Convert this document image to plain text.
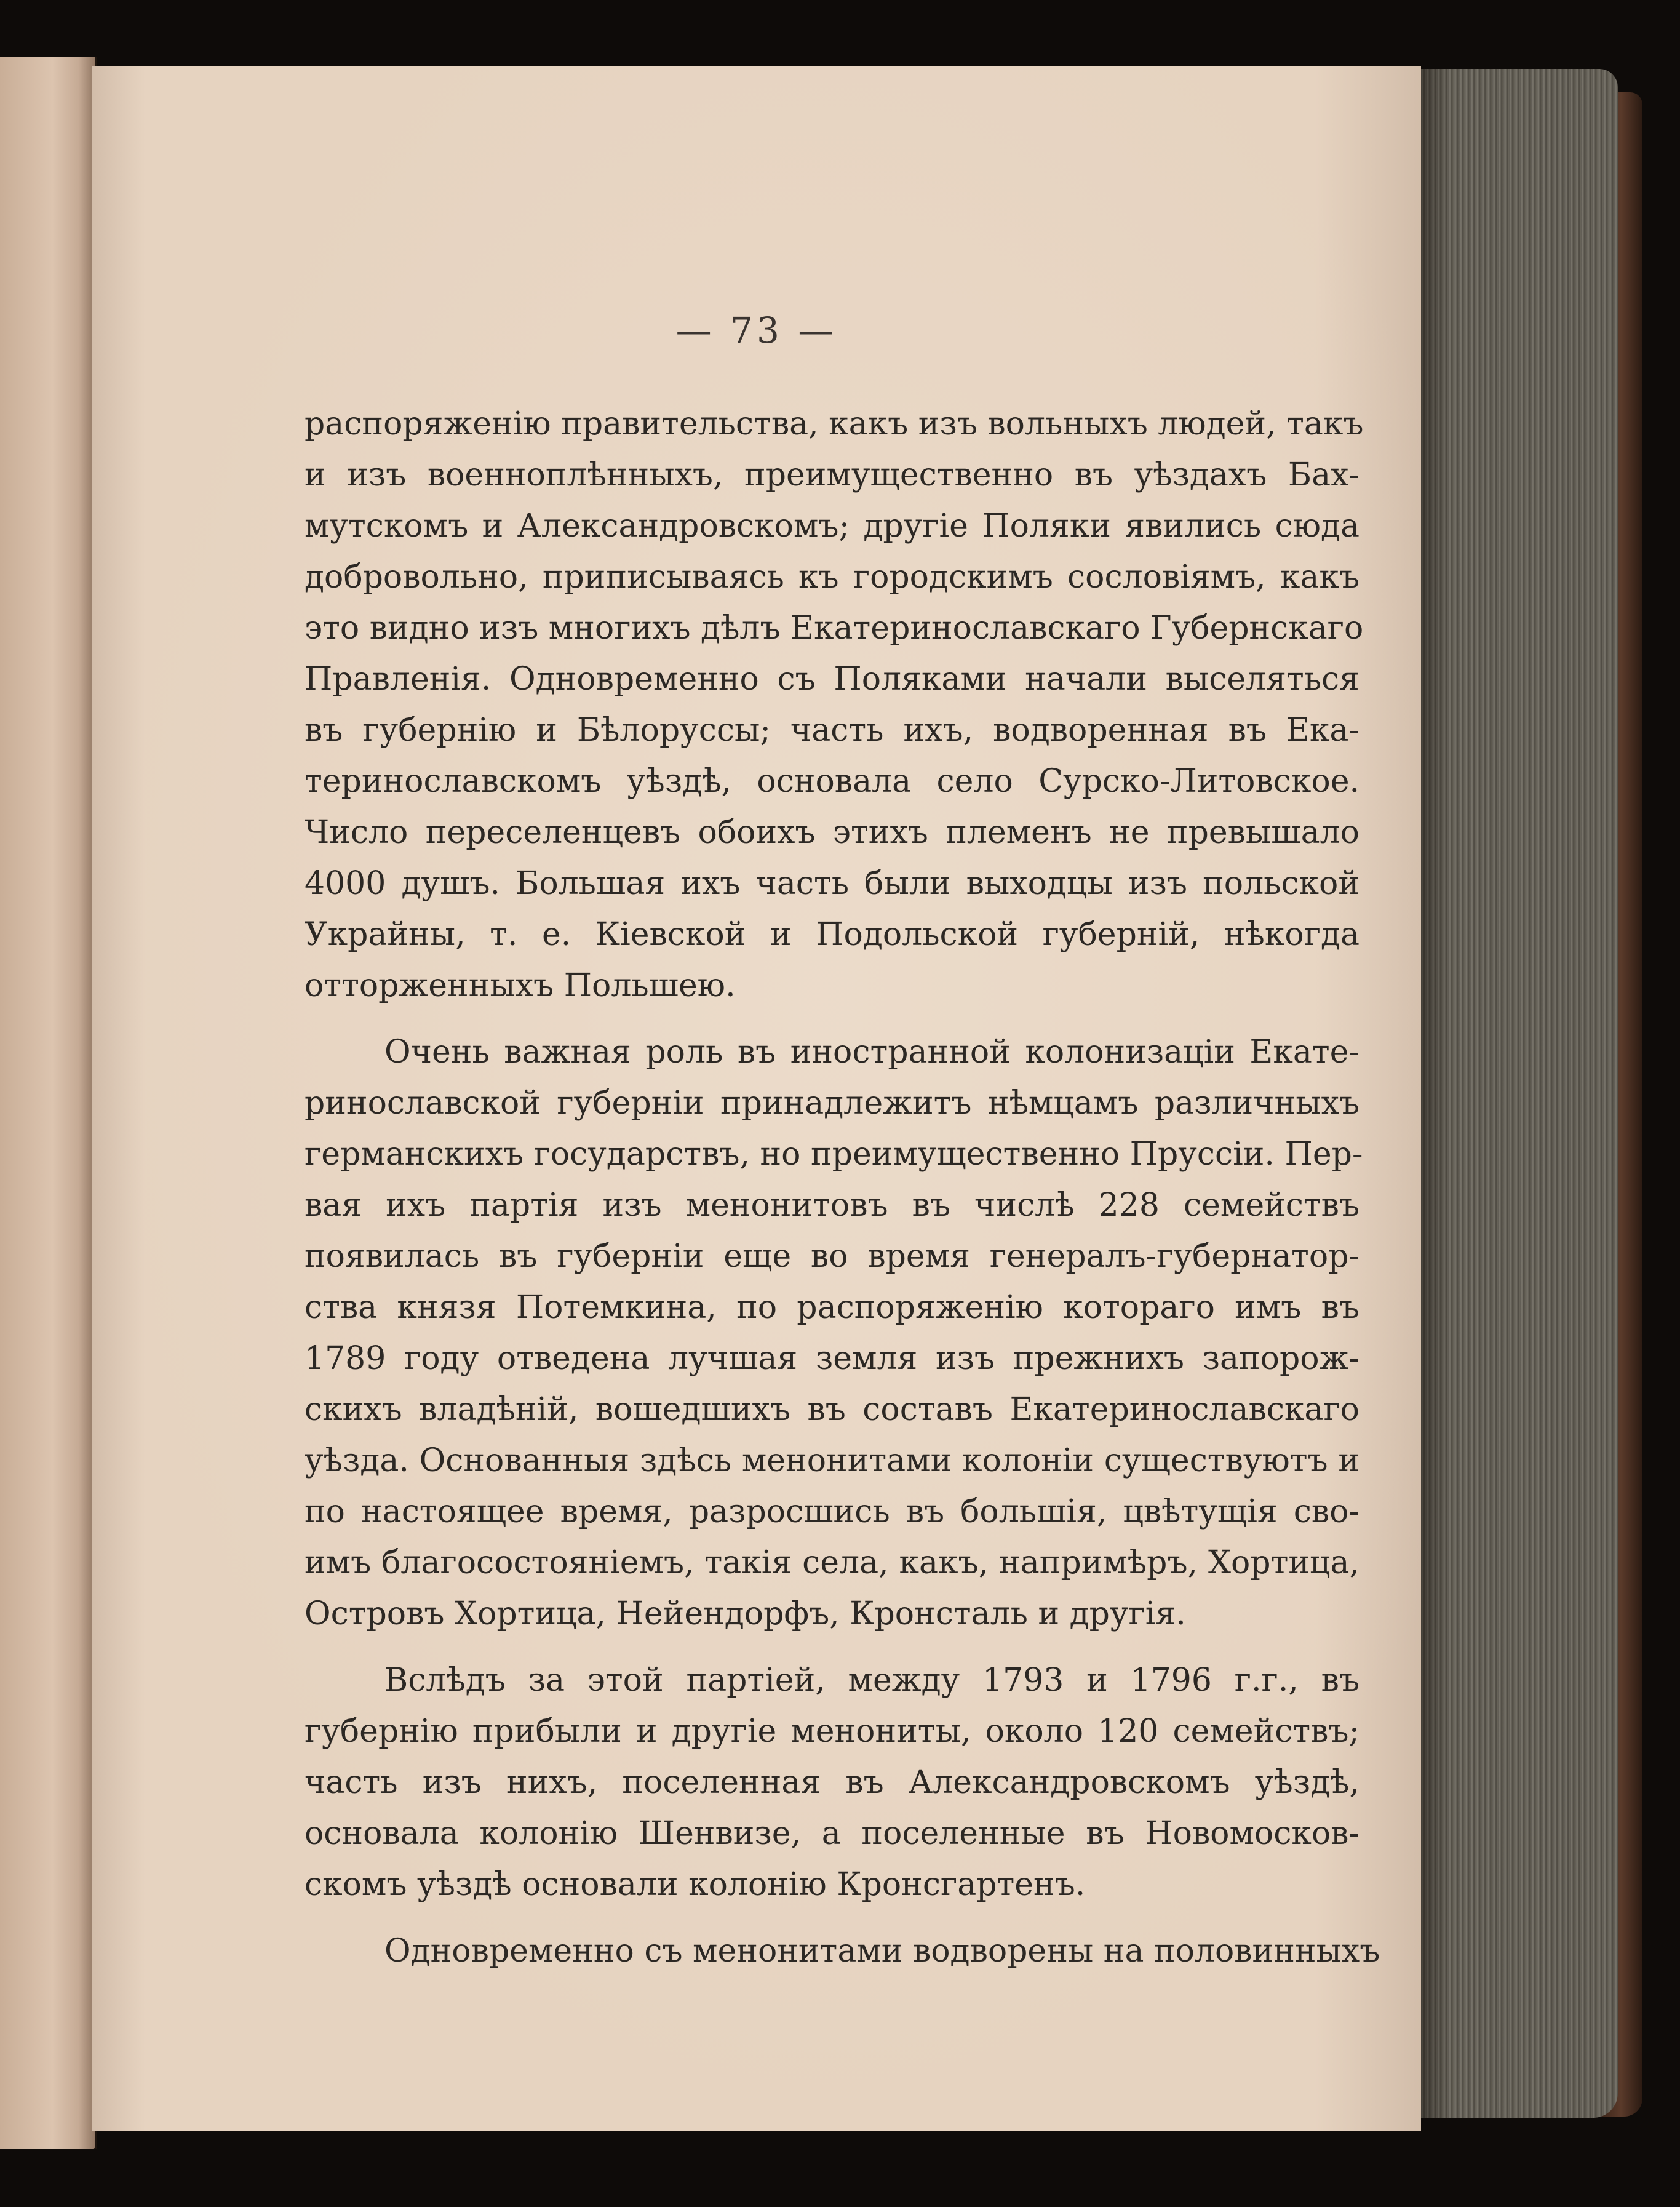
— 73 —
распоряженію правительства, какъ изъ вольныхъ людей, такъ
и изъ военноплѣнныхъ, преимущественно въ уѣздахъ Бах-
мутскомъ и Александровскомъ; другіе Поляки явились сюда
добровольно, приписываясь къ городскимъ сословіямъ, какъ
это видно изъ многихъ дѣлъ Екатеринославскаго Губернскаго
Правленія. Одновременно съ Поляками начали выселяться
въ губернію и Бѣлоруссы; часть ихъ, водворенная въ Ека-
теринославскомъ уѣздѣ, основала село Сурско-Литовское.
Число переселенцевъ обоихъ этихъ племенъ не превышало
4000 душъ. Большая ихъ часть были выходцы изъ польской
Украйны, т. е. Кіевской и Подольской губерній, нѣкогда
отторженныхъ Польшею.
Очень важная роль въ иностранной колонизаціи Екате-
ринославской губерніи принадлежитъ нѣмцамъ различныхъ
германскихъ государствъ, но преимущественно Пруссіи. Пер-
вая ихъ партія изъ менонитовъ въ числѣ 228 семействъ
появилась въ губерніи еще во время генералъ-губернатор-
ства князя Потемкина, по распоряженію котораго имъ въ
1789 году отведена лучшая земля изъ прежнихъ запорож-
скихъ владѣній, вошедшихъ въ составъ Екатеринославскаго
уѣзда. Основанныя здѣсь менонитами колоніи существуютъ и
по настоящее время, разросшись въ большія, цвѣтущія сво-
имъ благосостояніемъ, такія села, какъ, напримѣръ, Хортица,
Островъ Хортица, Нейендорфъ, Кронсталь и другія.
Вслѣдъ за этой партіей, между 1793 и 1796 г.г., въ
губернію прибыли и другіе менониты, около 120 семействъ;
часть изъ нихъ, поселенная въ Александровскомъ уѣздѣ,
основала колонію Шенвизе, а поселенные въ Новомосков-
скомъ уѣздѣ основали колонію Кронсгартенъ.
Одновременно съ менонитами водворены на половинныхъ
